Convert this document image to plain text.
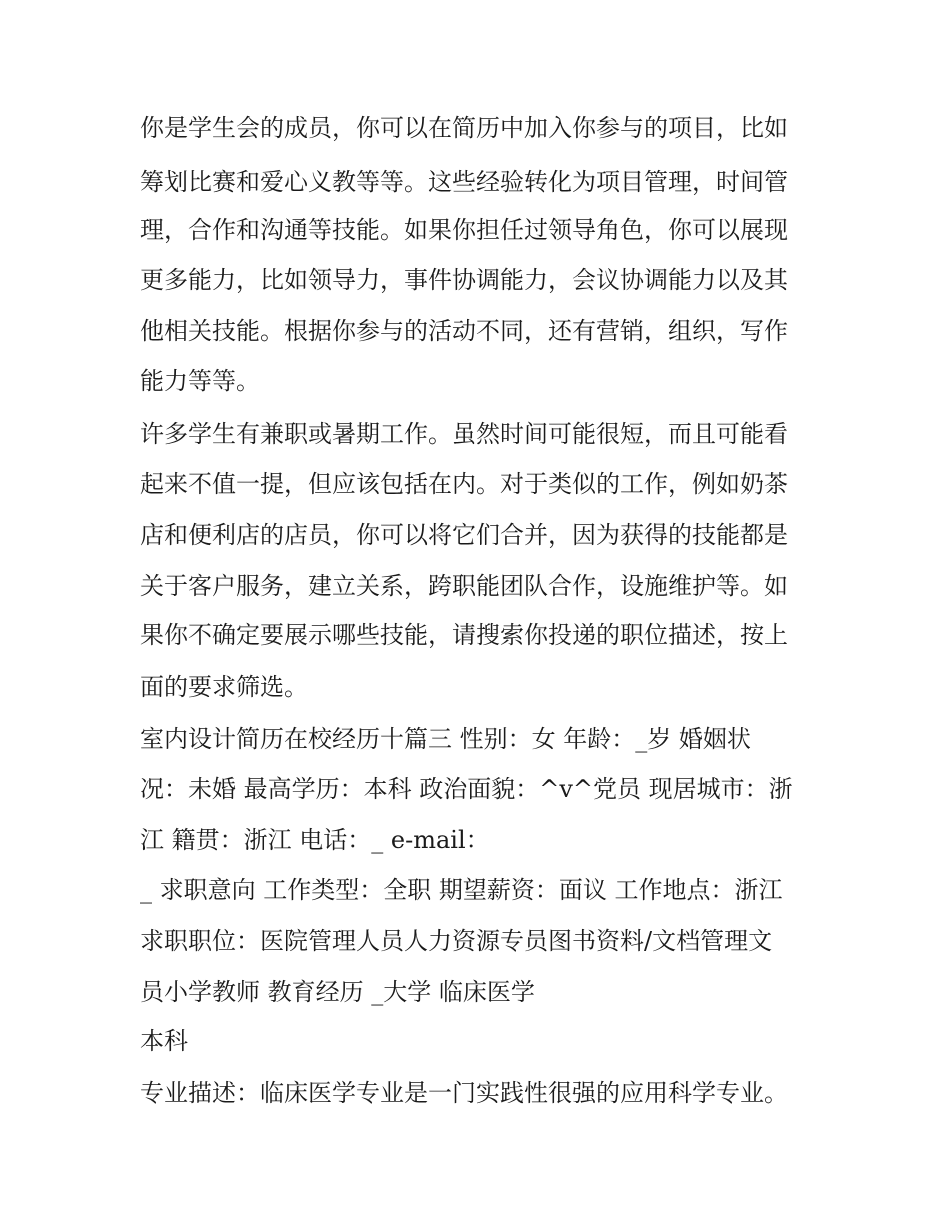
你是学生会的成员，你可以在简历中加入你参与的项目，比如
筹划比赛和爱心义教等等。这些经验转化为项目管理，时间管
理，合作和沟通等技能。如果你担任过领导角色，你可以展现
更多能力，比如领导力，事件协调能力，会议协调能力以及其
他相关技能。根据你参与的活动不同，还有营销，组织，写作
能力等等。
许多学生有兼职或暑期工作。虽然时间可能很短，而且可能看
起来不值一提，但应该包括在内。对于类似的工作，例如奶茶
店和便利店的店员，你可以将它们合并，因为获得的技能都是
关于客户服务，建立关系，跨职能团队合作，设施维护等。如
果你不确定要展示哪些技能，请搜索你投递的职位描述，按上
面的要求筛选。
室内设计简历在校经历十篇三 性别：女 年龄：_岁 婚姻状
况：未婚 最高学历：本科 政治面貌：^v^党员 现居城市：浙
江 籍贯：浙江 电话：_ e-mail：
_ 求职意向 工作类型：全职 期望薪资：面议 工作地点：浙江
求职职位：医院管理人员人力资源专员图书资料/文档管理文
员小学教师 教育经历 _大学 临床医学
本科
专业描述：临床医学专业是一门实践性很强的应用科学专业。
